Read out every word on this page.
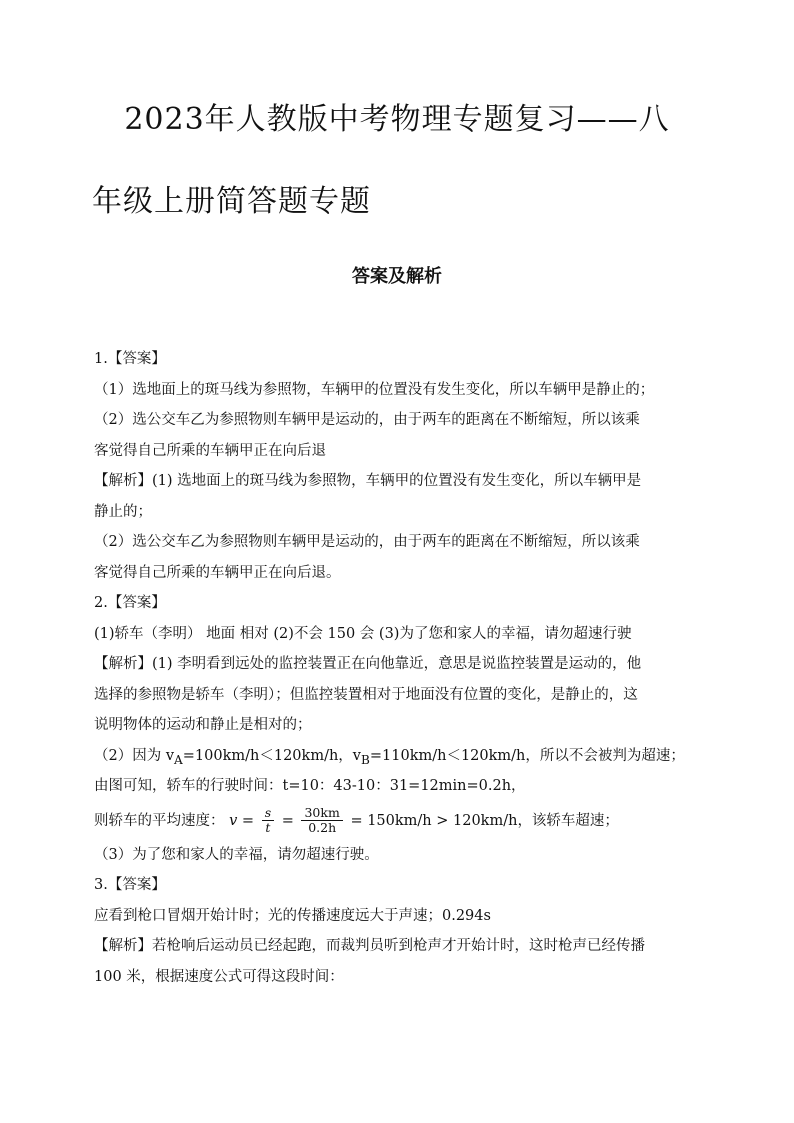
2023年人教版中考物理专题复习——八
年级上册简答题专题
答案及解析
1.【答案】
（1）选地面上的斑马线为参照物，车辆甲的位置没有发生变化，所以车辆甲是静止的；
（2）选公交车乙为参照物则车辆甲是运动的，由于两车的距离在不断缩短，所以该乘
客觉得自己所乘的车辆甲正在向后退
【解析】(1) 选地面上的斑马线为参照物，车辆甲的位置没有发生变化，所以车辆甲是
静止的；
（2）选公交车乙为参照物则车辆甲是运动的，由于两车的距离在不断缩短，所以该乘
客觉得自己所乘的车辆甲正在向后退。
2.【答案】
(1)轿车（李明） 地面 相对 (2)不会 150 会 (3)为了您和家人的幸福，请勿超速行驶
【解析】(1) 李明看到远处的监控装置正在向他靠近，意思是说监控装置是运动的，他
选择的参照物是轿车（李明）；但监控装置相对于地面没有位置的变化，是静止的，这
说明物体的运动和静止是相对的；
（2）因为 $v_A=100km/h<120km/h$，$v_B=110km/h<120km/h$，所以不会被判为超速；
由图可知，轿车的行驶时间：t=10：43-10：31=12min=0.2h，
则轿车的平均速度： $v = \frac{s}{t} = \frac{30km}{0.2h} = 150km/h > 120km/h$，该轿车超速；
（3）为了您和家人的幸福，请勿超速行驶。
3.【答案】
应看到枪口冒烟开始计时；光的传播速度远大于声速；0.294s
【解析】若枪响后运动员已经起跑，而裁判员听到枪声才开始计时，这时枪声已经传播
100 米，根据速度公式可得这段时间：
